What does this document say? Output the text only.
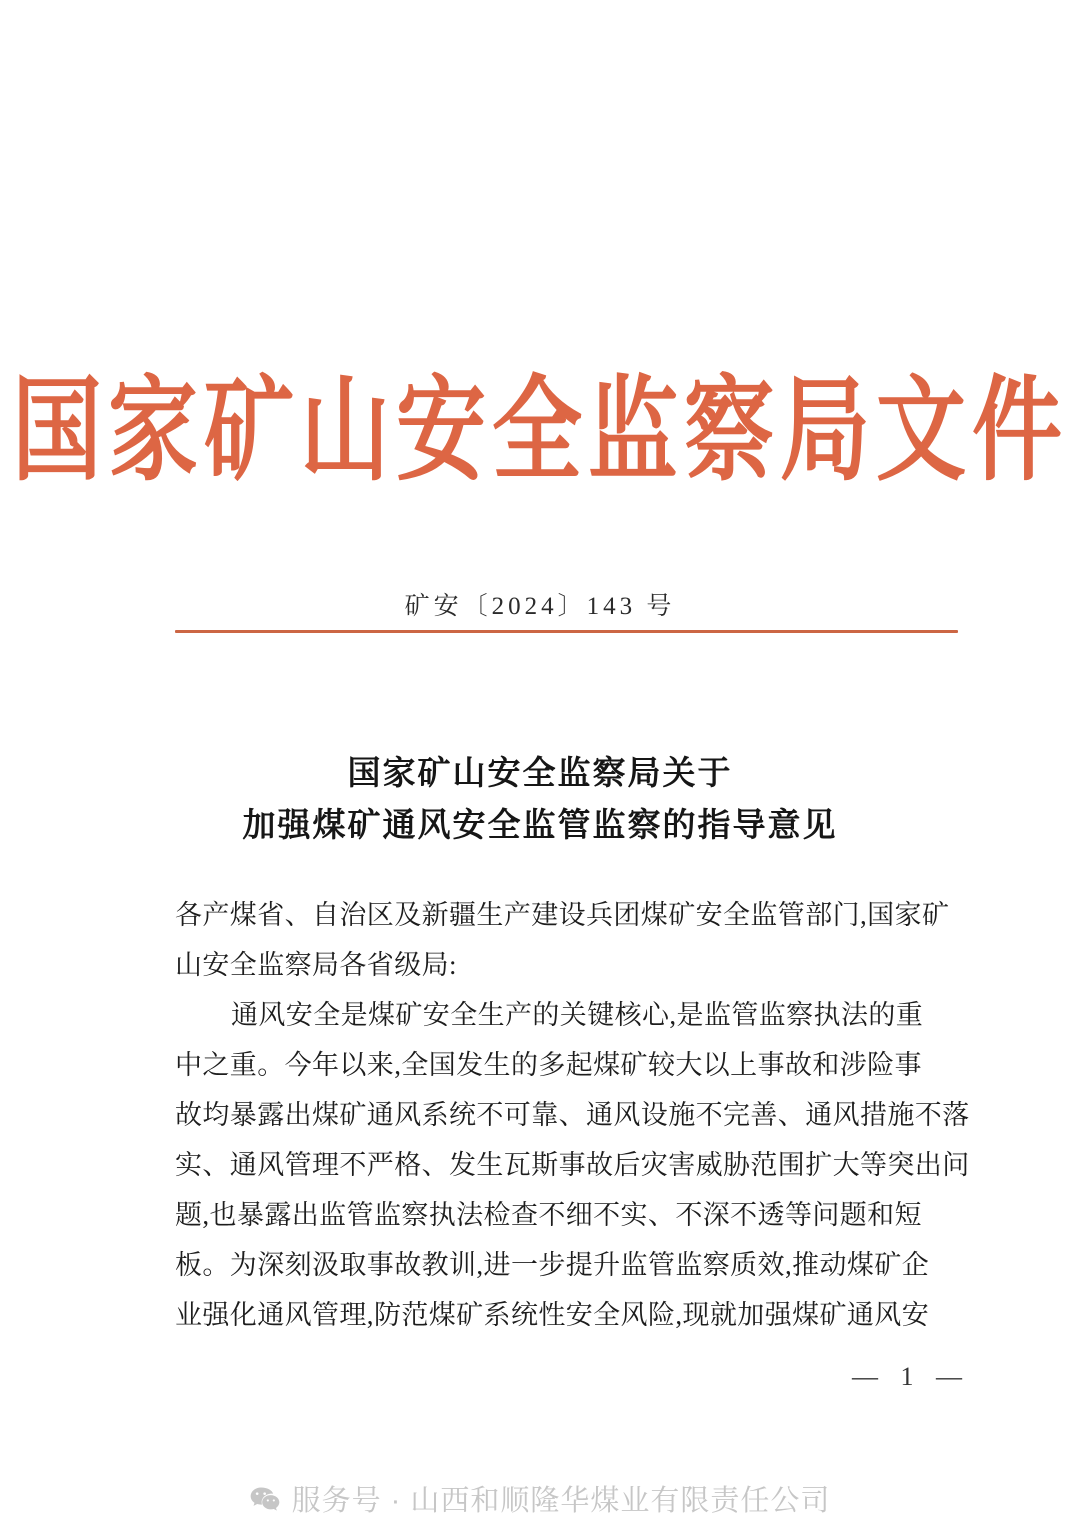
国家矿山安全监察局文件
矿安〔2024〕143 号
国家矿山安全监察局关于
加强煤矿通风安全监管监察的指导意见
各产煤省、自治区及新疆生产建设兵团煤矿安全监管部门,国家矿
山安全监察局各省级局:
通风安全是煤矿安全生产的关键核心,是监管监察执法的重
中之重。今年以来,全国发生的多起煤矿较大以上事故和涉险事
故均暴露出煤矿通风系统不可靠、通风设施不完善、通风措施不落
实、通风管理不严格、发生瓦斯事故后灾害威胁范围扩大等突出问
题,也暴露出监管监察执法检查不细不实、不深不透等问题和短
板。为深刻汲取事故教训,进一步提升监管监察质效,推动煤矿企
业强化通风管理,防范煤矿系统性安全风险,现就加强煤矿通风安
— 1 —
服务号 · 山西和顺隆华煤业有限责任公司
